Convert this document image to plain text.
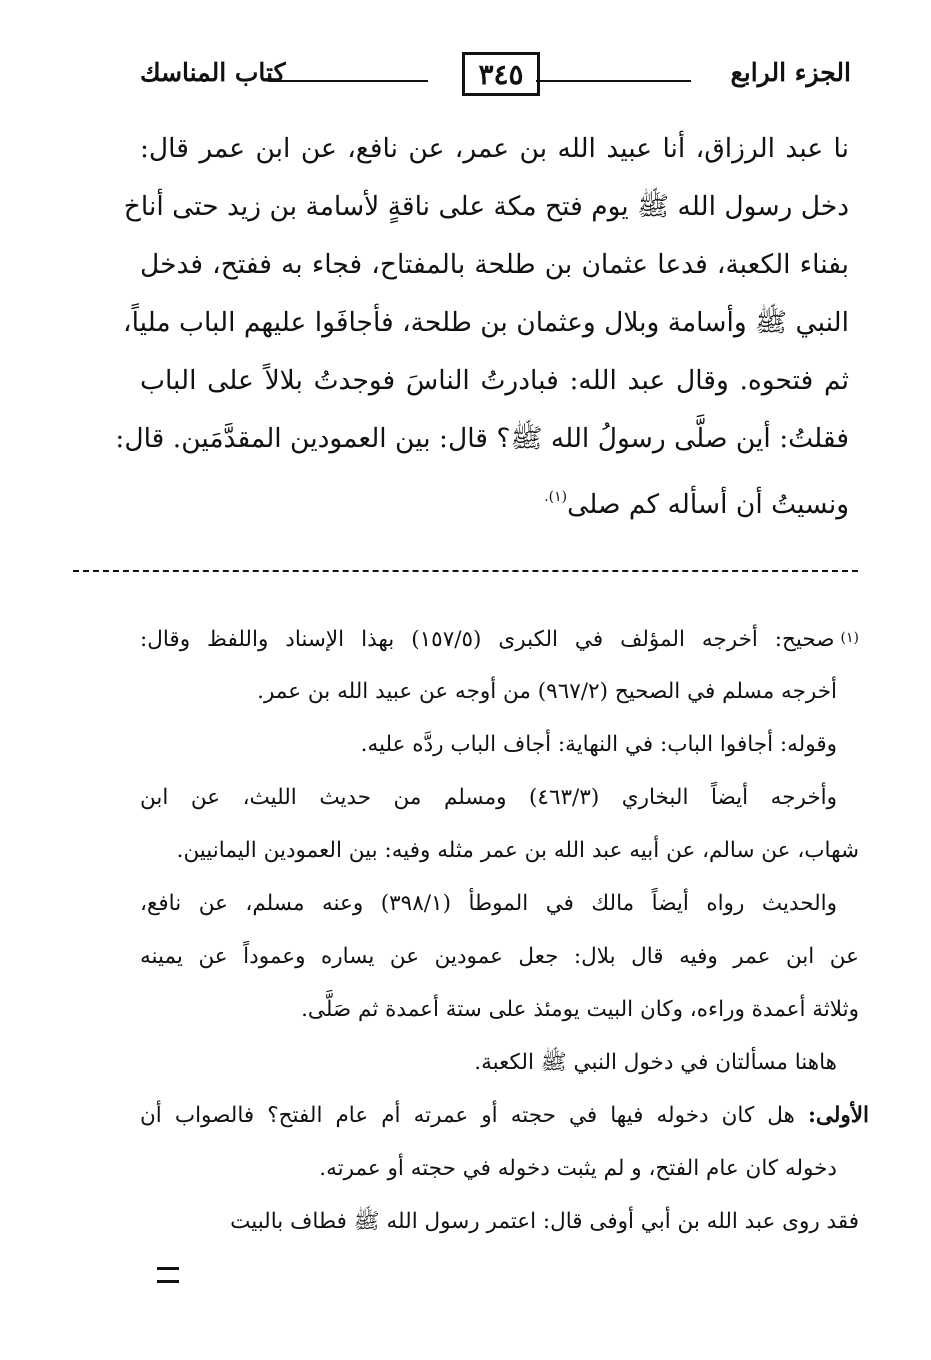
الجزء الرابع
٣٤٥
كتاب المناسك
نا عبد الرزاق، أنا عبيد الله بن عمر، عن نافع، عن ابن عمر قال:
دخل رسول الله ﷺ يوم فتح مكة على ناقةٍ لأسامة بن زيد حتى أناخ
بفناء الكعبة، فدعا عثمان بن طلحة بالمفتاح، فجاء به ففتح، فدخل
النبي ﷺ وأسامة وبلال وعثمان بن طلحة، فأجافَوا عليهم الباب ملياً،
ثم فتحوه. وقال عبد الله: فبادرتُ الناسَ فوجدتُ بلالاً على الباب
فقلتُ: أين صلَّى رسولُ الله ﷺ؟ قال: بين العمودين المقدَّمَين. قال:
ونسيتُ أن أسأله كم صلى$^{(١).}$
(١)صحيح: أخرجه المؤلف في الكبرى (١٥٧/٥) بهذا الإسناد واللفظ وقال:
أخرجه مسلم في الصحيح (٩٦٧/٢) من أوجه عن عبيد الله بن عمر.
وقوله: أجافوا الباب: في النهاية: أجاف الباب ردَّه عليه.
وأخرجه أيضاً البخاري (٤٦٣/٣) ومسلم من حديث الليث، عن ابن
شهاب، عن سالم، عن أبيه عبد الله بن عمر مثله وفيه: بين العمودين اليمانيين.
والحديث رواه أيضاً مالك في الموطأ (٣٩٨/١) وعنه مسلم، عن نافع،
عن ابن عمر وفيه قال بلال: جعل عمودين عن يساره وعموداً عن يمينه
وثلاثة أعمدة وراءه، وكان البيت يومئذ على ستة أعمدة ثم صَلَّى.
هاهنا مسألتان في دخول النبي ﷺ الكعبة.
الأولى: هل كان دخوله فيها في حجته أو عمرته أم عام الفتح؟ فالصواب أن
دخوله كان عام الفتح، و لم يثبت دخوله في حجته أو عمرته.
فقد روى عبد الله بن أبي أوفى قال: اعتمر رسول الله ﷺ فطاف بالبيت
